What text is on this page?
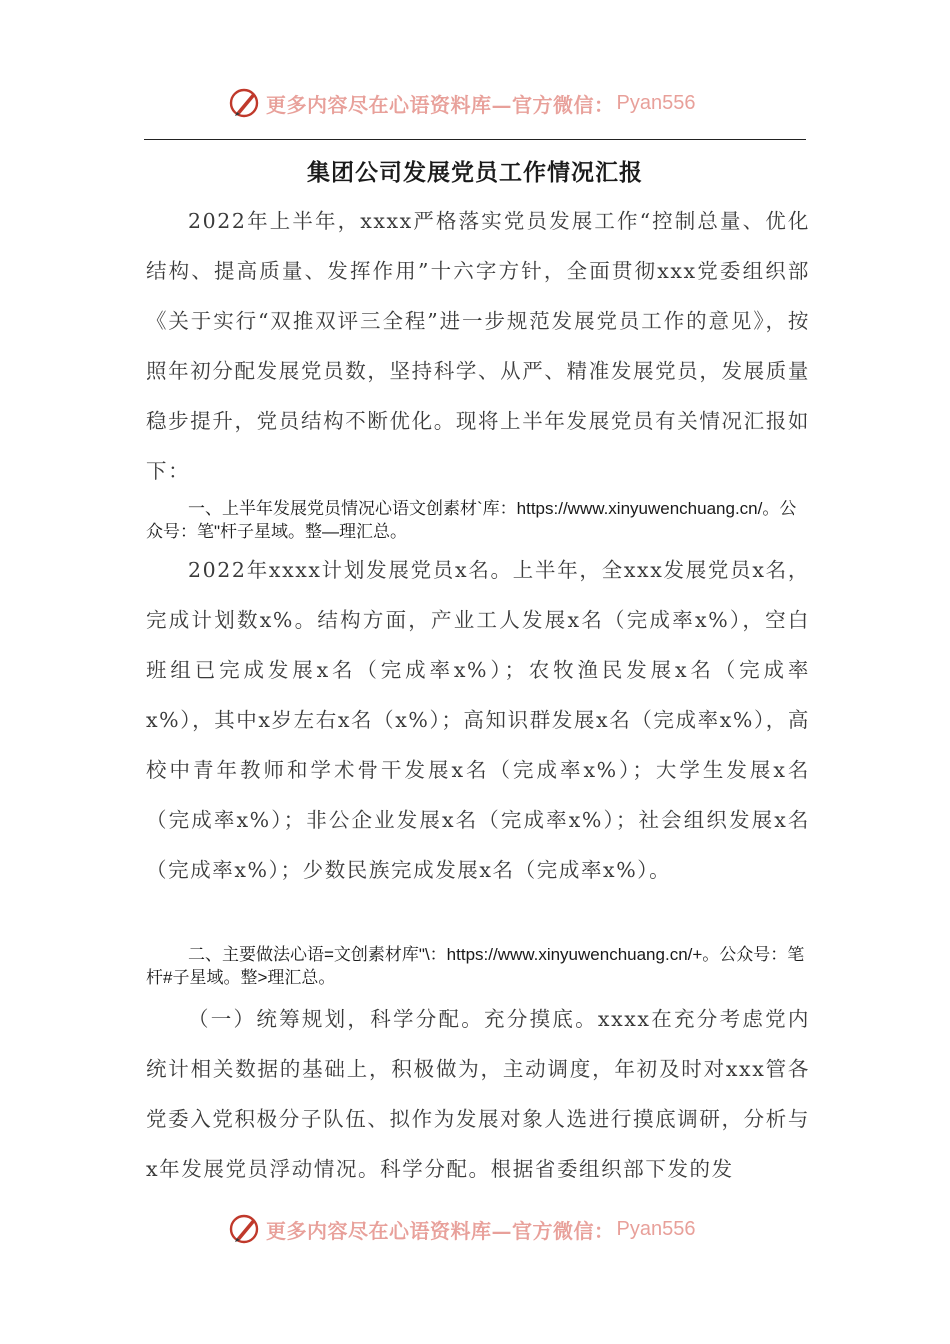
更多内容尽在心语资料库—官方微信： Pyan556
集团公司发展党员工作情况汇报

2022年上半年，xxxx严格落实党员发展工作“控制总量、优化结构、提高质量、发挥作用”十六字方针，全面贯彻xxx党委组织部《关于实行“双推双评三全程”进一步规范发展党员工作的意见》，按照年初分配发展党员数，坚持科学、从严、精准发展党员，发展质量稳步提升，党员结构不断优化。现将上半年发展党员有关情况汇报如下：

一、上半年发展党员情况心语文创素材`库：https://www.xinyuwenchuang.cn/。公众号：笔"杆子星域。整—理汇总。

2022年xxxx计划发展党员x名。上半年，全xxx发展党员x名，完成计划数x%。结构方面，产业工人发展x名（完成率x%），空白班组已完成发展x名（完成率x%）；农牧渔民发展x名（完成率x%），其中x岁左右x名（x%）；高知识群发展x名（完成率x%），高校中青年教师和学术骨干发展x名（完成率x%）；大学生发展x名（完成率x%）；非公企业发展x名（完成率x%）；社会组织发展x名（完成率x%）；少数民族完成发展x名（完成率x%）。

二、主要做法心语=文创素材库"\：https://www.xinyuwenchuang.cn/+。公众号：笔杆#子星域。整>理汇总。

（一）统筹规划，科学分配。充分摸底。xxxx在充分考虑党内统计相关数据的基础上，积极做为，主动调度，年初及时对xxx管各党委入党积极分子队伍、拟作为发展对象人选进行摸底调研，分析与x年发展党员浮动情况。科学分配。根据省委组织部下发的发

更多内容尽在心语资料库—官方微信： Pyan556
